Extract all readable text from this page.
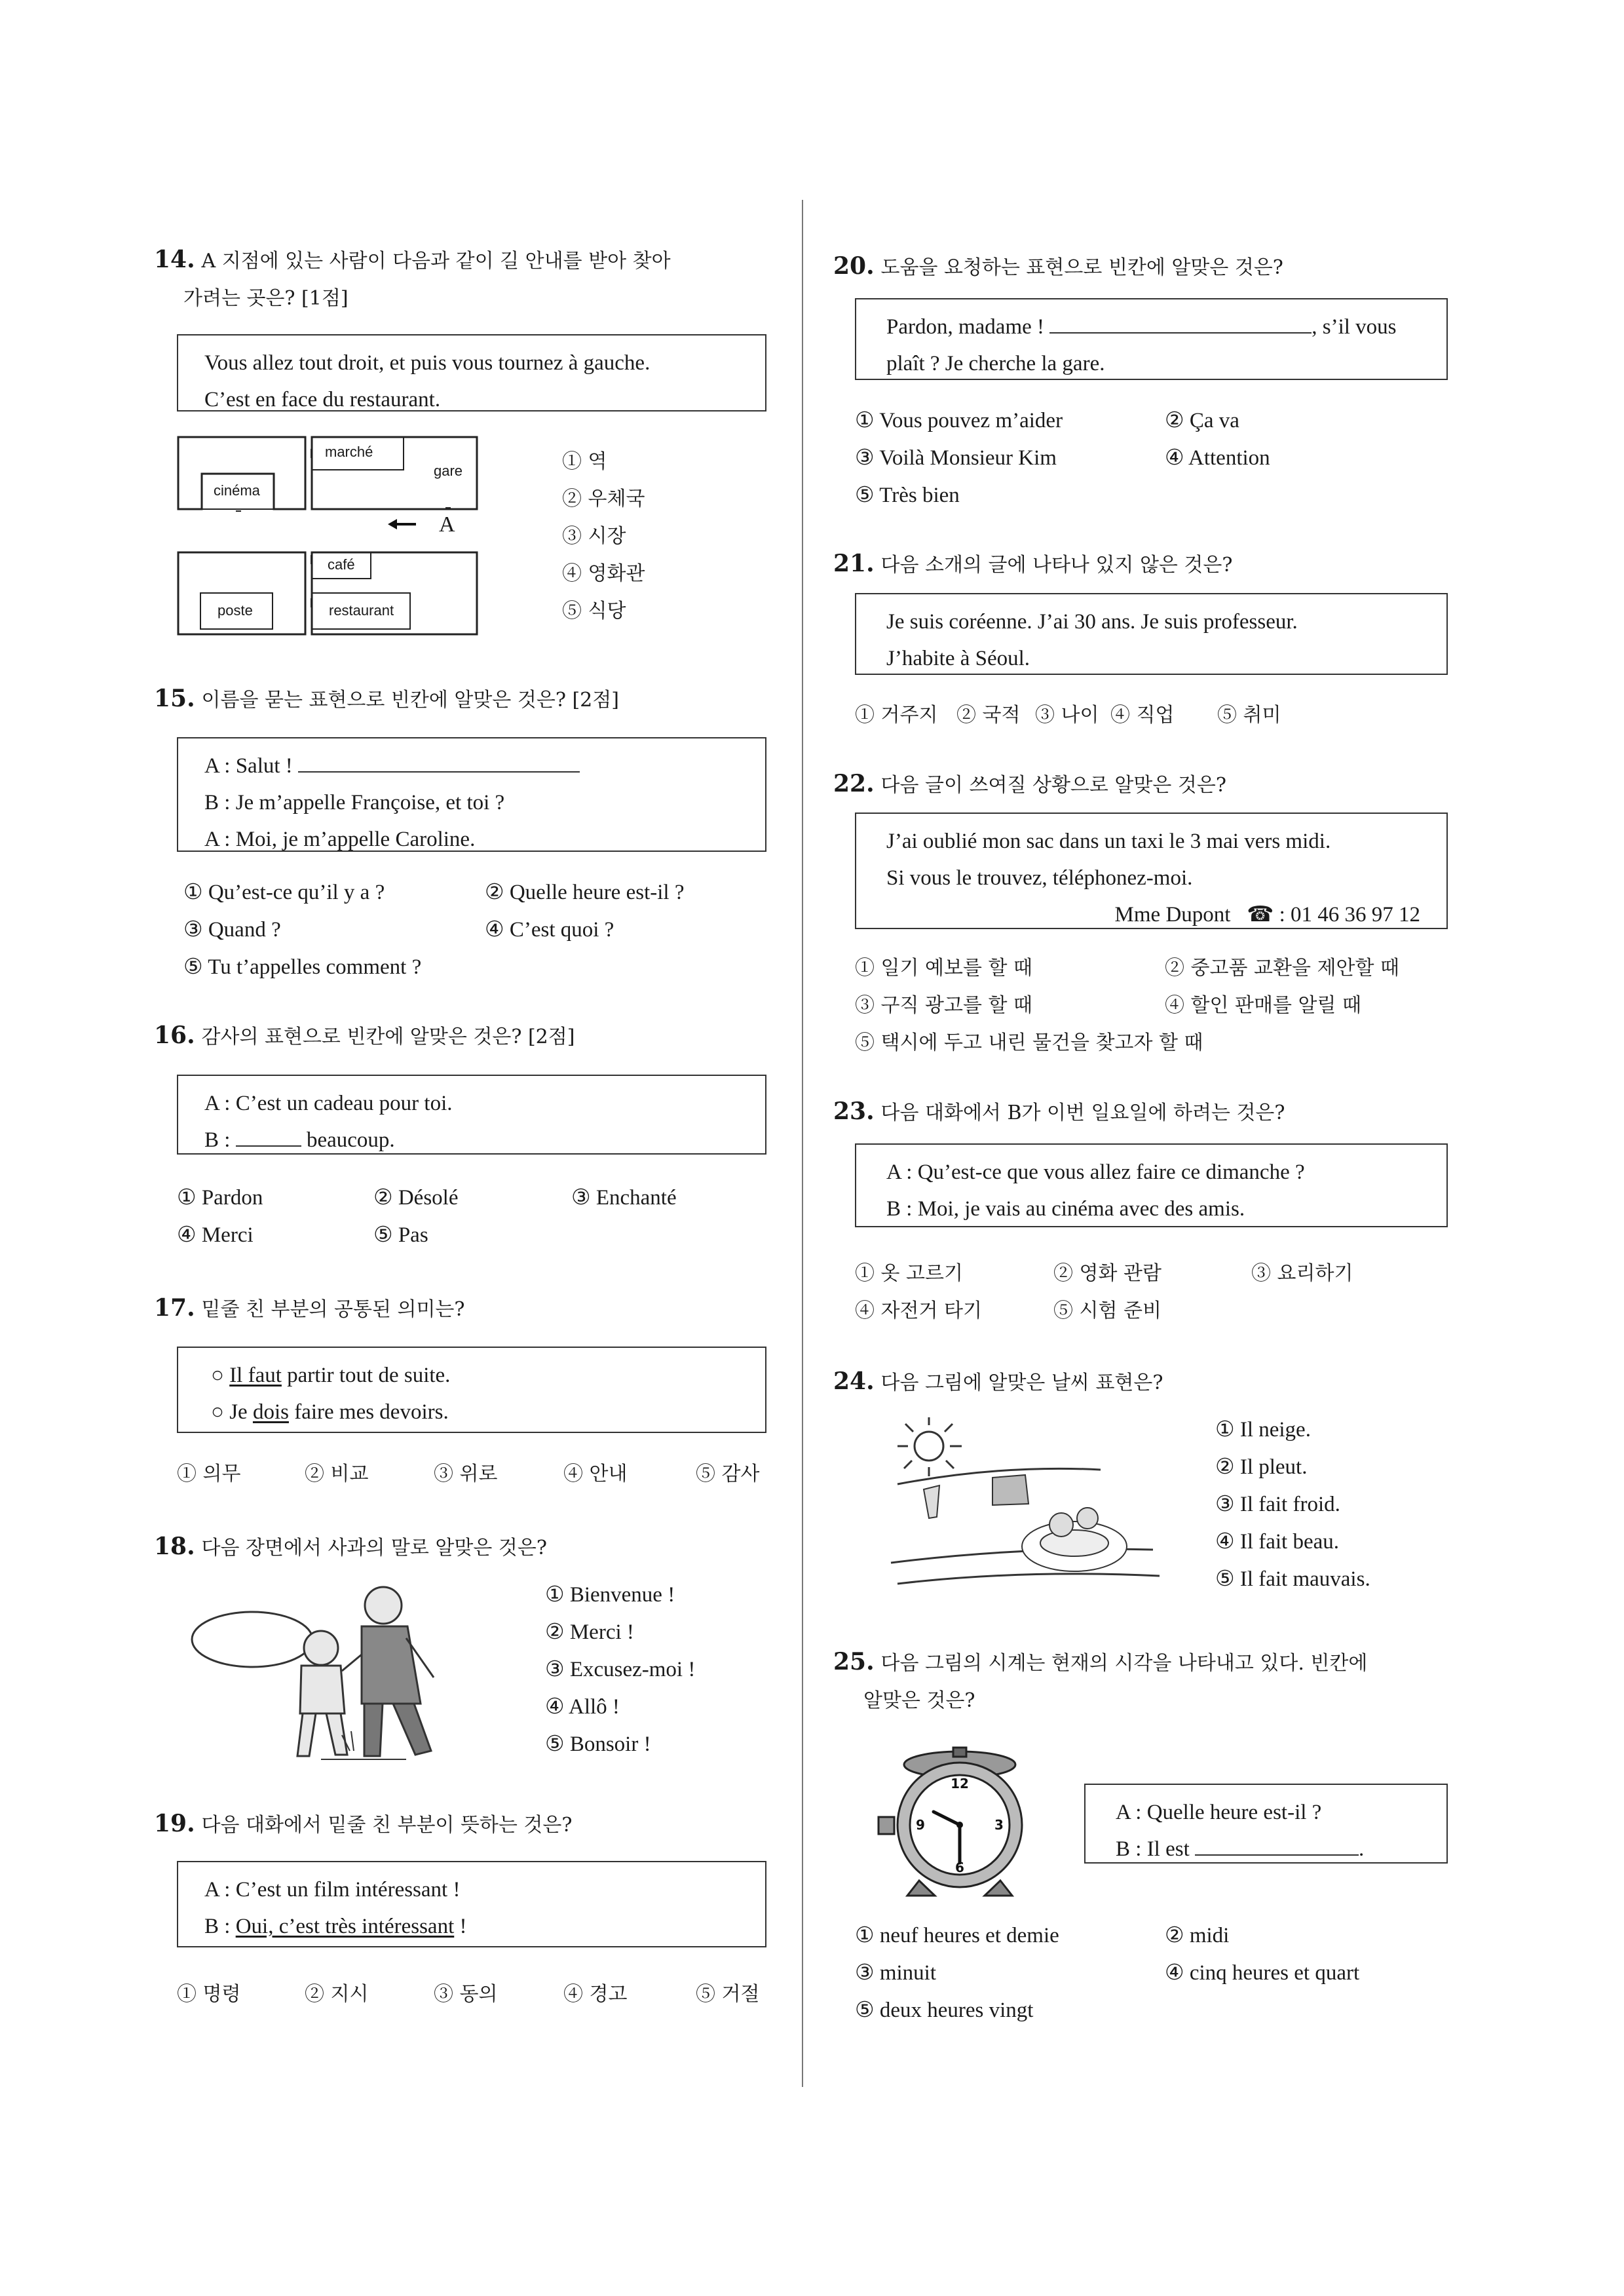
14. A 지점에 있는 사람이 다음과 같이 길 안내를 받아 찾아
가려는 곳은? [1점]
Vous allez tout droit, et puis vous tournez à gauche.
C’est en face du restaurant.
marché
gare
cinéma
café
poste	restaurant
A
① 역
② 우체국
③ 시장
④ 영화관
⑤ 식당
15. 이름을 묻는 표현으로 빈칸에 알맞은 것은? [2점]
A : Salut !
B : Je m’appelle Françoise, et toi ?
A : Moi, je m’appelle Caroline.
① Qu’est-ce qu’il y a ?	② Quelle heure est-il ?
③ Quand ?	④ C’est quoi ?
⑤ Tu t’appelles comment ?
16. 감사의 표현으로 빈칸에 알맞은 것은? [2점]
A : C’est un cadeau pour toi.
B :	beaucoup.
① Pardon	② Désolé	③ Enchanté
④ Merci	⑤ Pas
17. 밑줄 친 부분의 공통된 의미는?
○ Il faut partir tout de suite.
○ Je dois faire mes devoirs.
① 의무	② 비교	③ 위로	④ 안내	⑤ 감사
18. 다음 장면에서 사과의 말로 알맞은 것은?
① Bienvenue !
② Merci !
③ Excusez-moi !
④ Allô !
⑤ Bonsoir !
19. 다음 대화에서 밑줄 친 부분이 뜻하는 것은?
A : C’est un film intéressant !
B : Oui, c’est très intéressant !
① 명령	② 지시	③ 동의	④ 경고	⑤ 거절
20. 도움을 요청하는 표현으로 빈칸에 알맞은 것은?
Pardon, madame !	, s’il vous
plaît ? Je cherche la gare.
① Vous pouvez m’aider	② Ça va
③ Voilà Monsieur Kim	④ Attention
⑤ Très bien
21. 다음 소개의 글에 나타나 있지 않은 것은?
Je suis coréenne. J’ai 30 ans. Je suis professeur.
J’habite à Séoul.
① 거주지 ② 국적 ③ 나이 ④ 직업 ⑤ 취미
22. 다음 글이 쓰여질 상황으로 알맞은 것은?
J’ai oublié mon sac dans un taxi le 3 mai vers midi.
Si vous le trouvez, téléphonez-moi.
Mme Dupont ☎ : 01 46 36 97 12
① 일기 예보를 할 때	② 중고품 교환을 제안할 때
③ 구직 광고를 할 때	④ 할인 판매를 알릴 때
⑤ 택시에 두고 내린 물건을 찾고자 할 때
23. 다음 대화에서 B가 이번 일요일에 하려는 것은?
A : Qu’est-ce que vous allez faire ce dimanche ?
B : Moi, je vais au cinéma avec des amis.
① 옷 고르기	② 영화 관람	③ 요리하기
④ 자전거 타기	⑤ 시험 준비
24. 다음 그림에 알맞은 날씨 표현은?
① Il neige.
② Il pleut.
③ Il fait froid.
④ Il fait beau.
⑤ Il fait mauvais.
25. 다음 그림의 시계는 현재의 시각을 나타내고 있다. 빈칸에
알맞은 것은?
12
3
6
9
A : Quelle heure est-il ?
B : Il est	.
① neuf heures et demie	② midi
③ minuit	④ cinq heures et quart
⑤ deux heures vingt
